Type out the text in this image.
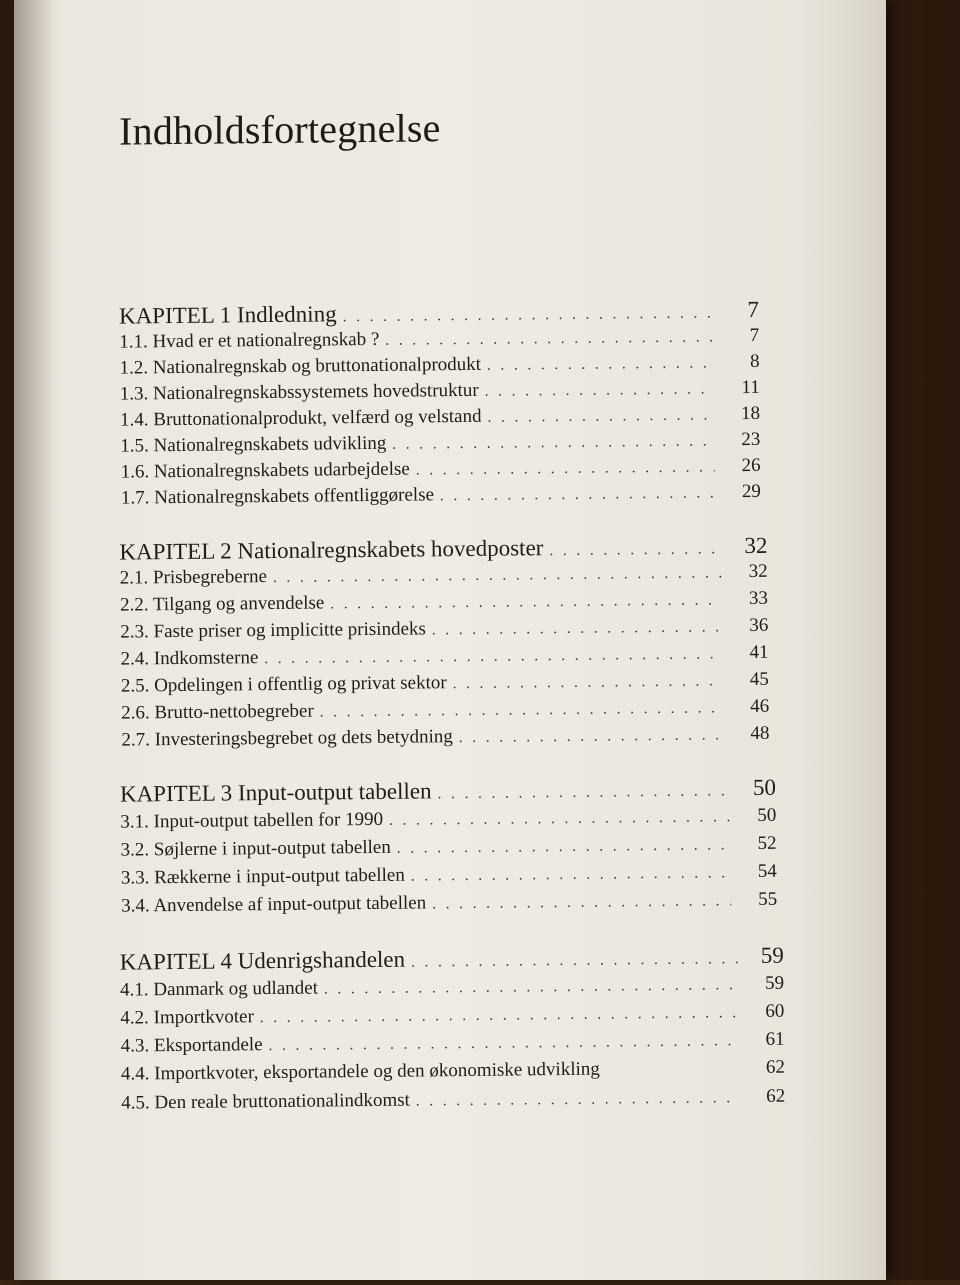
Indholdsfortegnelse
KAPITEL 1 Indledning . . .	7
1.1. Hvad er et nationalregnskab ? . . .	7
1.2. Nationalregnskab og bruttonationalprodukt . . .	8
1.3. Nationalregnskabssystemets hovedstruktur . . .	11
1.4. Bruttonationalprodukt, velfærd og velstand . . .	18
1.5. Nationalregnskabets udvikling . . .	23
1.6. Nationalregnskabets udarbejdelse . . .	26
1.7. Nationalregnskabets offentliggørelse . . .	29
KAPITEL 2 Nationalregnskabets hovedposter . . .	32
2.1. Prisbegreberne . . .	32
2.2. Tilgang og anvendelse . . .	33
2.3. Faste priser og implicitte prisindeks . . .	36
2.4. Indkomsterne . . .	41
2.5. Opdelingen i offentlig og privat sektor . . .	45
2.6. Brutto-nettobegreber . . .	46
2.7. Investeringsbegrebet og dets betydning . . .	48
KAPITEL 3 Input-output tabellen . . .	50
3.1. Input-output tabellen for 1990 . . .	50
3.2. Søjlerne i input-output tabellen . . .	52
3.3. Rækkerne i input-output tabellen . . .	54
3.4. Anvendelse af input-output tabellen . . .	55
KAPITEL 4 Udenrigshandelen . . .	59
4.1. Danmark og udlandet . . .	59
4.2. Importkvoter . . .	60
4.3. Eksportandele . . .	61
4.4. Importkvoter, eksportandele og den økonomiske udvikling	62
4.5. Den reale bruttonationalindkomst . . .	62
